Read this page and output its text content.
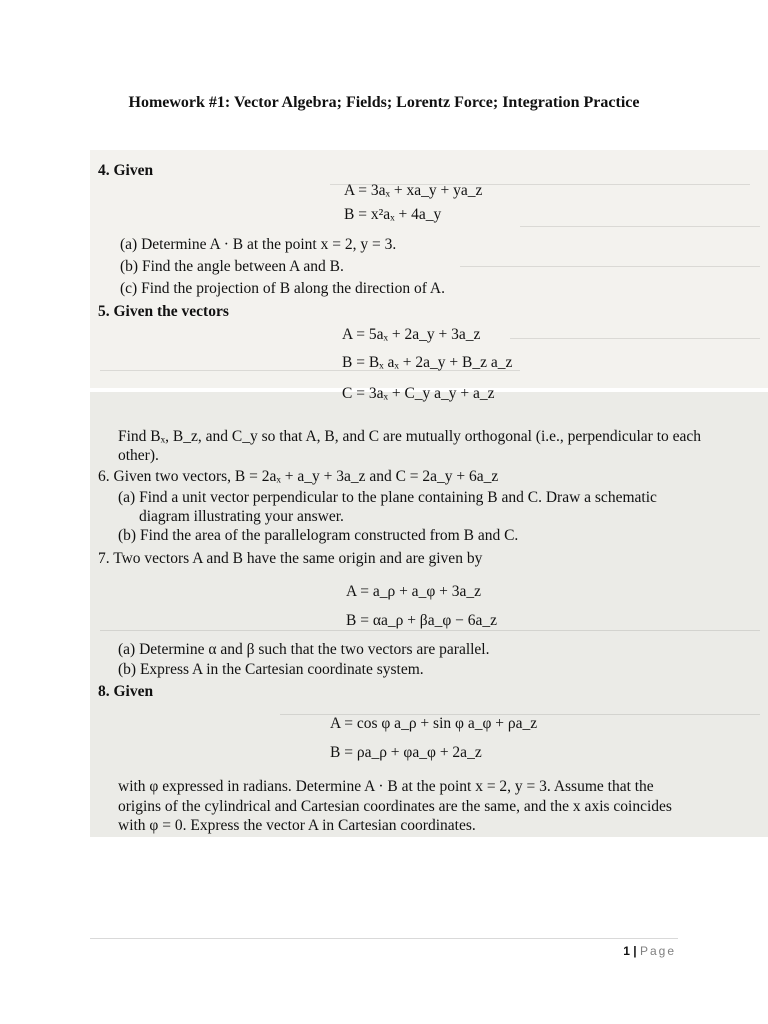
Homework #1: Vector Algebra; Fields; Lorentz Force; Integration Practice
4. Given
A = 3aₓ + xa_y + ya_z
B = x²aₓ + 4a_y
(a) Determine A · B at the point x = 2, y = 3.
(b) Find the angle between A and B.
(c) Find the projection of B along the direction of A.
5. Given the vectors
A = 5aₓ + 2a_y + 3a_z
B = Bₓ aₓ + 2a_y + B_z a_z
C = 3aₓ + C_y a_y + a_z
Find Bₓ, B_z, and C_y so that A, B, and C are mutually orthogonal (i.e., perpendicular to each
other).
6. Given two vectors, B = 2aₓ + a_y + 3a_z and C = 2a_y + 6a_z
(a) Find a unit vector perpendicular to the plane containing B and C. Draw a schematic
diagram illustrating your answer.
(b) Find the area of the parallelogram constructed from B and C.
7. Two vectors A and B have the same origin and are given by
A = a_ρ + a_φ + 3a_z
B = αa_ρ + βa_φ − 6a_z
(a) Determine α and β such that the two vectors are parallel.
(b) Express A in the Cartesian coordinate system.
8. Given
A = cos φ a_ρ + sin φ a_φ + ρa_z
B = ρa_ρ + φa_φ + 2a_z
with φ expressed in radians. Determine A · B at the point x = 2, y = 3. Assume that the
origins of the cylindrical and Cartesian coordinates are the same, and the x axis coincides
with φ = 0. Express the vector A in Cartesian coordinates.
1 | Page
